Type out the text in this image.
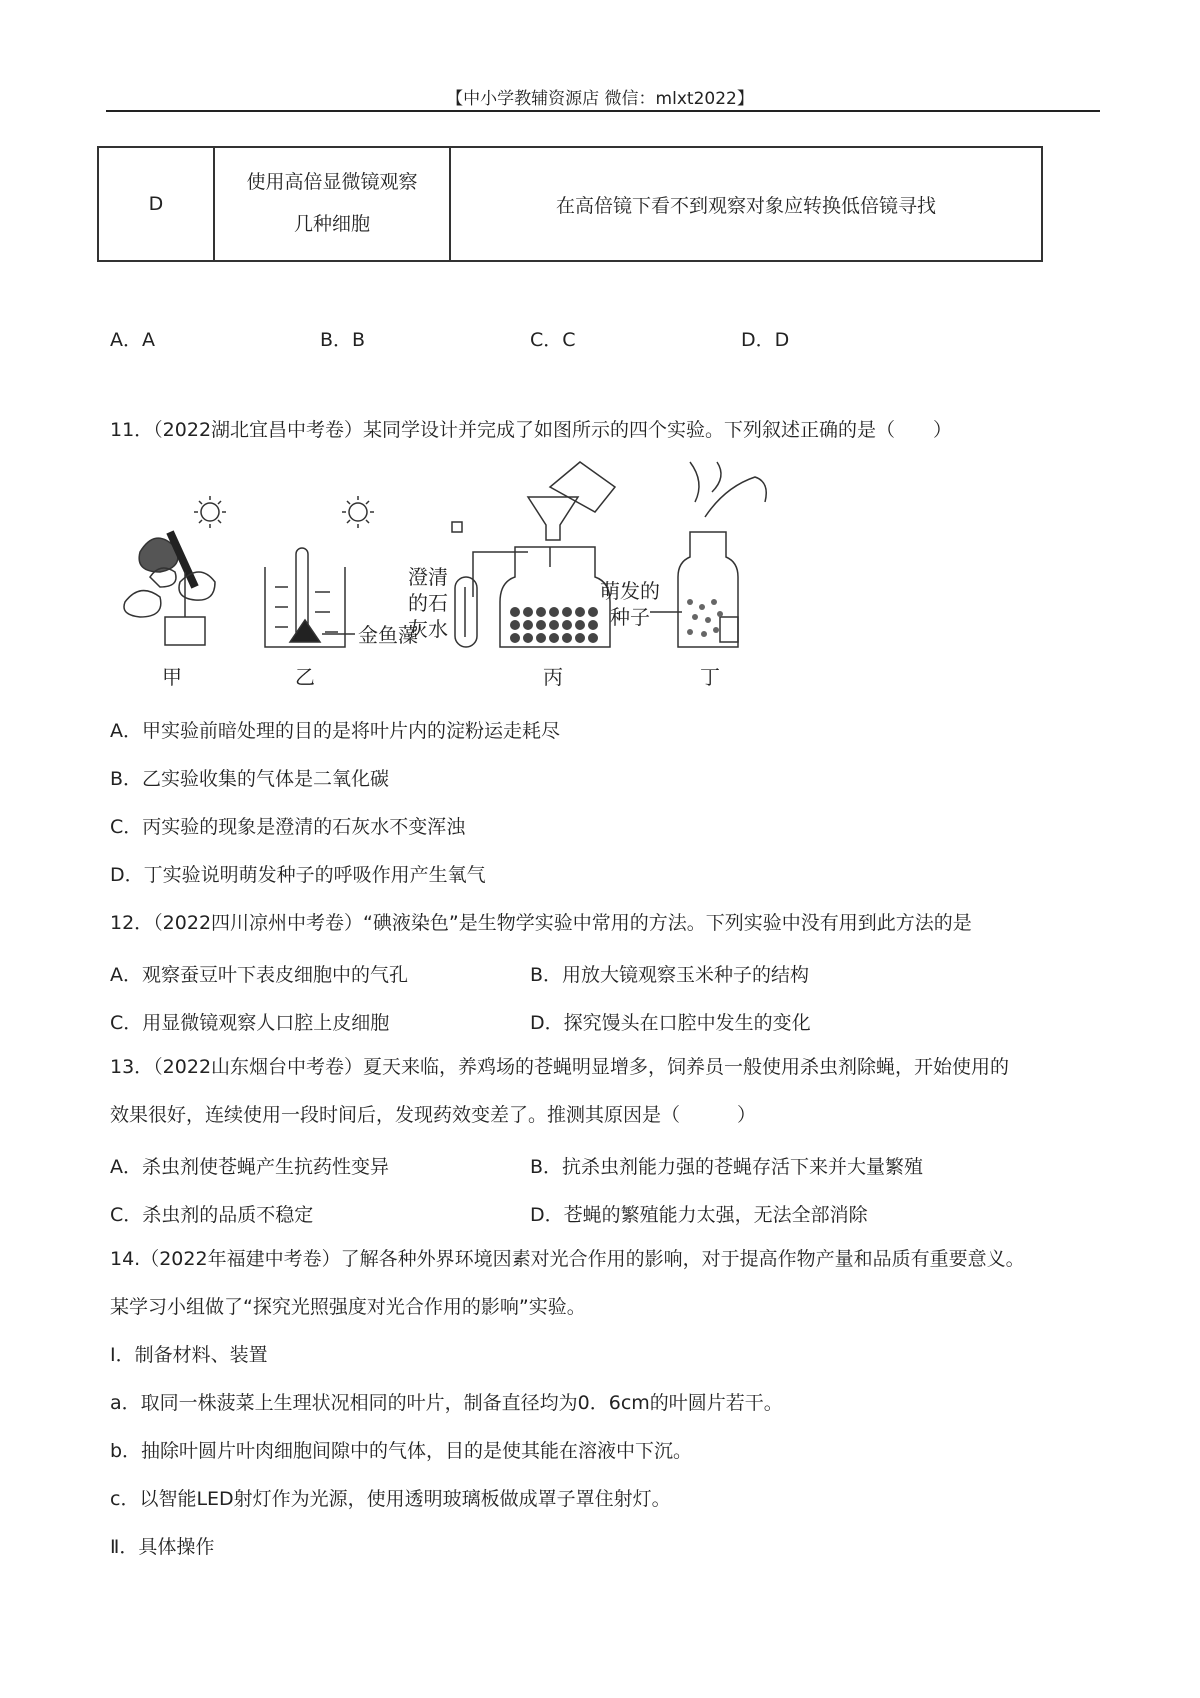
【中小学教辅资源店 微信：mlxt2022】
D	
使用高倍显微镜观察
几种细胞
	在高倍镜下看不到观察对象应转换低倍镜寻找
A．A	B．B	C．C	D．D
11．（2022湖北宜昌中考卷）某同学设计并完成了如图所示的四个实验。下列叙述正确的是（　　）
甲
金鱼藻
乙
澄清
的石
灰水
丙
萌发的
种子
丁
A．甲实验前暗处理的目的是将叶片内的淀粉运走耗尽
B．乙实验收集的气体是二氧化碳
C．丙实验的现象是澄清的石灰水不变浑浊
D．丁实验说明萌发种子的呼吸作用产生氧气
12．（2022四川凉州中考卷）“碘液染色”是生物学实验中常用的方法。下列实验中没有用到此方法的是
A．观察蚕豆叶下表皮细胞中的气孔	B．用放大镜观察玉米种子的结构
C．用显微镜观察人口腔上皮细胞	D．探究馒头在口腔中发生的变化
13．（2022山东烟台中考卷）夏天来临，养鸡场的苍蝇明显增多，饲养员一般使用杀虫剂除蝇，开始使用的
效果很好，连续使用一段时间后，发现药效变差了。推测其原因是（　　　）
A．杀虫剂使苍蝇产生抗药性变异	B．抗杀虫剂能力强的苍蝇存活下来并大量繁殖
C．杀虫剂的品质不稳定	D．苍蝇的繁殖能力太强，无法全部消除
14.（2022年福建中考卷）了解各种外界环境因素对光合作用的影响，对于提高作物产量和品质有重要意义。
某学习小组做了“探究光照强度对光合作用的影响”实验。
Ⅰ．制备材料、装置
a．取同一株菠菜上生理状况相同的叶片，制备直径均为0．6cm的叶圆片若干。
b．抽除叶圆片叶肉细胞间隙中的气体，目的是使其能在溶液中下沉。
c．以智能LED射灯作为光源，使用透明玻璃板做成罩子罩住射灯。
Ⅱ．具体操作
